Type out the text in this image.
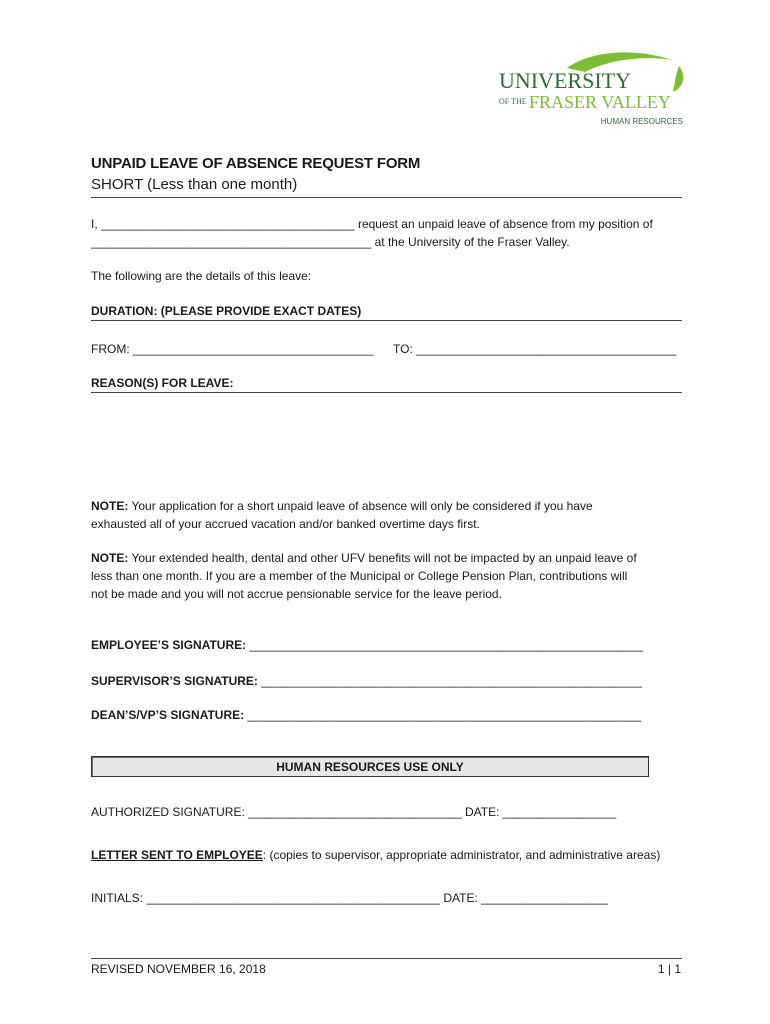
UNIVERSITY
OF THE FRASER VALLEY
HUMAN RESOURCES
UNPAID LEAVE OF ABSENCE REQUEST FORM
SHORT (Less than one month)
I, ______________________________________ request an unpaid leave of absence from my position of
__________________________________________ at the University of the Fraser Valley.
The following are the details of this leave:
DURATION: (PLEASE PROVIDE EXACT DATES)
FROM: ____________________________________ TO: _______________________________________
REASON(S) FOR LEAVE:
NOTE: Your application for a short unpaid leave of absence will only be considered if you have
exhausted all of your accrued vacation and/or banked overtime days first.
NOTE: Your extended health, dental and other UFV benefits will not be impacted by an unpaid leave of
less than one month. If you are a member of the Municipal or College Pension Plan, contributions will
not be made and you will not accrue pensionable service for the leave period.
EMPLOYEE’S SIGNATURE: ___________________________________________________________
SUPERVISOR’S SIGNATURE: _________________________________________________________
DEAN’S/VP’S SIGNATURE: ___________________________________________________________
HUMAN RESOURCES USE ONLY
AUTHORIZED SIGNATURE: ________________________________ DATE: _________________
LETTER SENT TO EMPLOYEE: (copies to supervisor, appropriate administrator, and administrative areas)
INITIALS: ____________________________________________ DATE: ___________________
REVISED NOVEMBER 16, 2018	1 | 1
